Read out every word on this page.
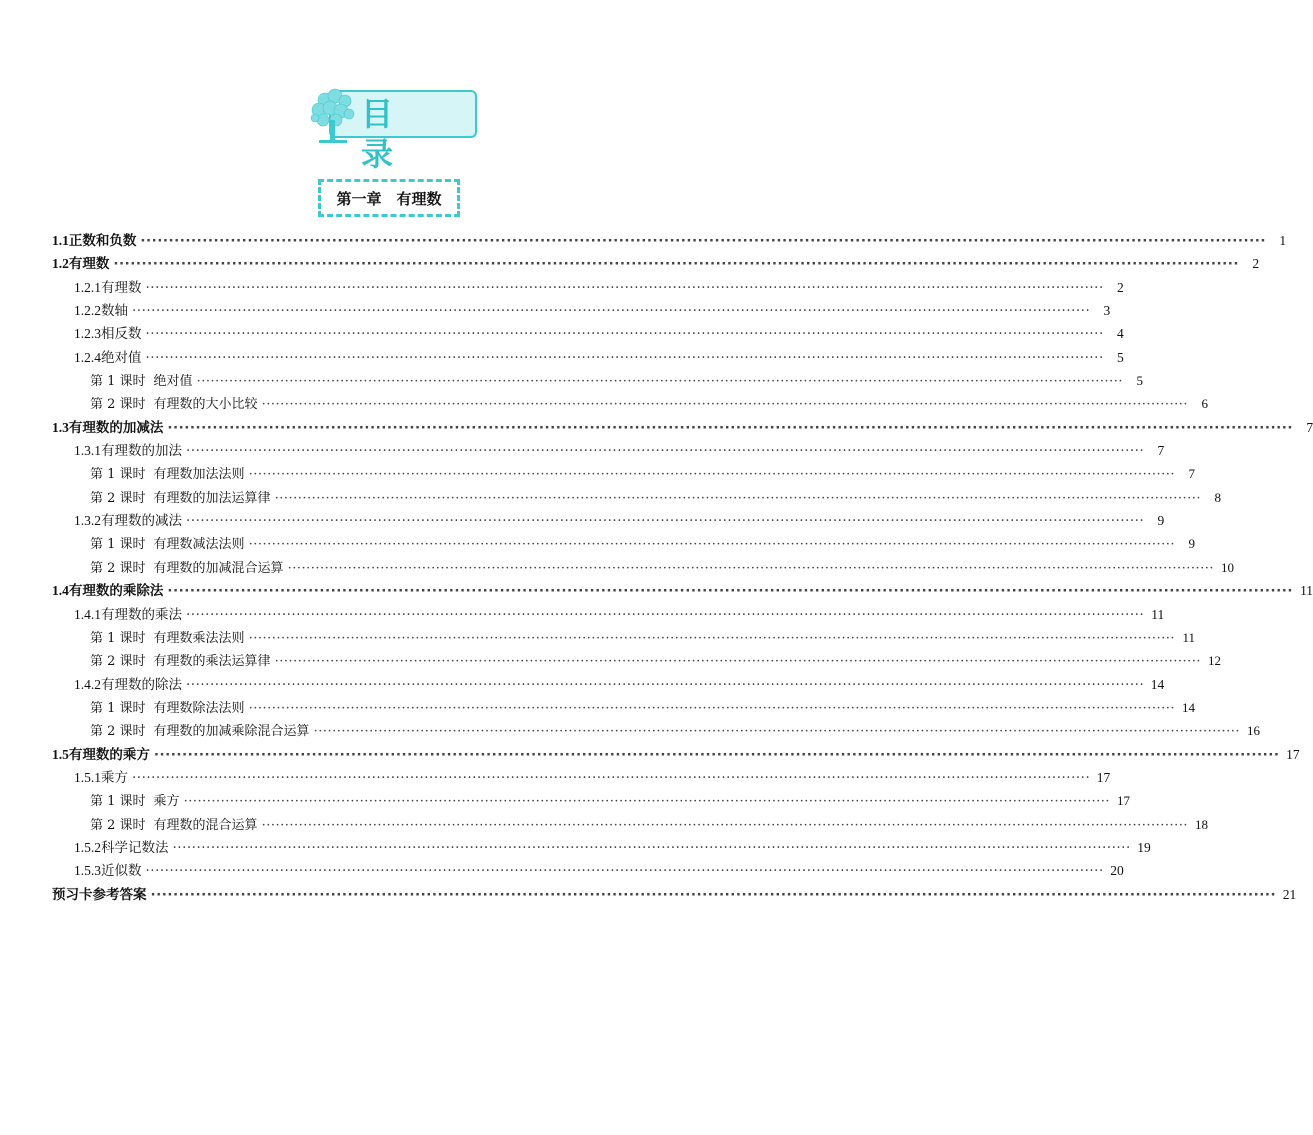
目录
第一章　有理数
1.1 正数和负数 ········································································································································································································ 1
1.2 有理数 ········································································································································································································ 2
1.2.1 有理数 ········································································································································································································ 2
1.2.2 数轴 ········································································································································································································ 3
1.2.3 相反数 ········································································································································································································ 4
1.2.4 绝对值 ········································································································································································································ 5
第 1 课时 绝对值 ········································································································································································································	5
第 2 课时 有理数的大小比较 ········································································································································································································	6
1.3 有理数的加减法 ········································································································································································································ 7
1.3.1 有理数的加法 ········································································································································································································ 7
第 1 课时 有理数加法法则 ········································································································································································································	7
第 2 课时 有理数的加法运算律 ········································································································································································································	8
1.3.2 有理数的减法 ········································································································································································································ 9
第 1 课时 有理数减法法则 ········································································································································································································	9
第 2 课时 有理数的加减混合运算 ········································································································································································································ 10
1.4 有理数的乘除法 ········································································································································································································ 11
1.4.1 有理数的乘法 ········································································································································································································ 11
第 1 课时 有理数乘法法则 ········································································································································································································ 11
第 2 课时 有理数的乘法运算律 ········································································································································································································ 12
1.4.2 有理数的除法 ········································································································································································································ 14
第 1 课时 有理数除法法则 ········································································································································································································ 14
第 2 课时 有理数的加减乘除混合运算 ········································································································································································································ 16
1.5 有理数的乘方 ········································································································································································································ 17
1.5.1 乘方 ········································································································································································································ 17
第 1 课时 乘方 ········································································································································································································ 17
第 2 课时 有理数的混合运算 ········································································································································································································ 18
1.5.2 科学记数法 ········································································································································································································ 19
1.5.3 近似数 ········································································································································································································ 20
预习卡参考答案 ········································································································································································································ 21
